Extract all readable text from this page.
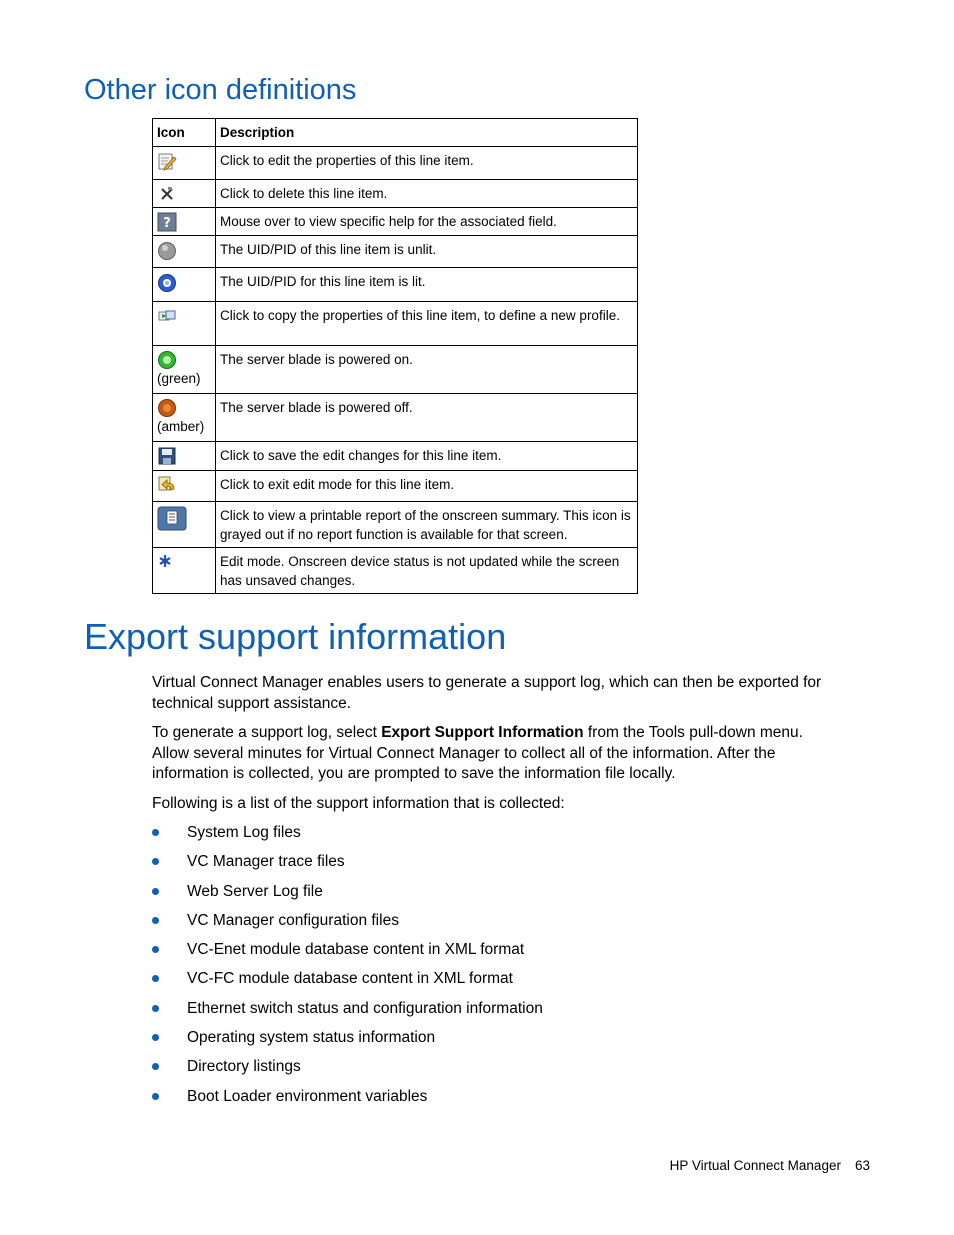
Other icon definitions
Icon	Description
	Click to edit the properties of this line item.
	Click to delete this line item.

?	Mouse over to view specific help for the associated field.
	The UID/PID of this line item is unlit.
	The UID/PID for this line item is lit.
	Click to copy the properties of this line item, to define a new profile.

(green)	The server blade is powered on.

(amber)	The server blade is powered off.
	Click to save the edit changes for this line item.
	Click to exit edit mode for this line item.
	Click to view a printable report of the onscreen summary. This icon is grayed out if no report function is available for that screen.
	Edit mode. Onscreen device status is not updated while the screen has unsaved changes.
Export support information

Virtual Connect Manager enables users to generate a support log, which can then be exported for technical support assistance.

To generate a support log, select Export Support Information from the Tools pull-down menu. Allow several minutes for Virtual Connect Manager to collect all of the information. After the information is collected, you are prompted to save the information file locally.

Following is a list of the support information that is collected:

System Log files
VC Manager trace files
Web Server Log file
VC Manager configuration files
VC-Enet module database content in XML format
VC-FC module database content in XML format
Ethernet switch status and configuration information
Operating system status information
Directory listings
Boot Loader environment variables
HP Virtual Connect Manager 63
